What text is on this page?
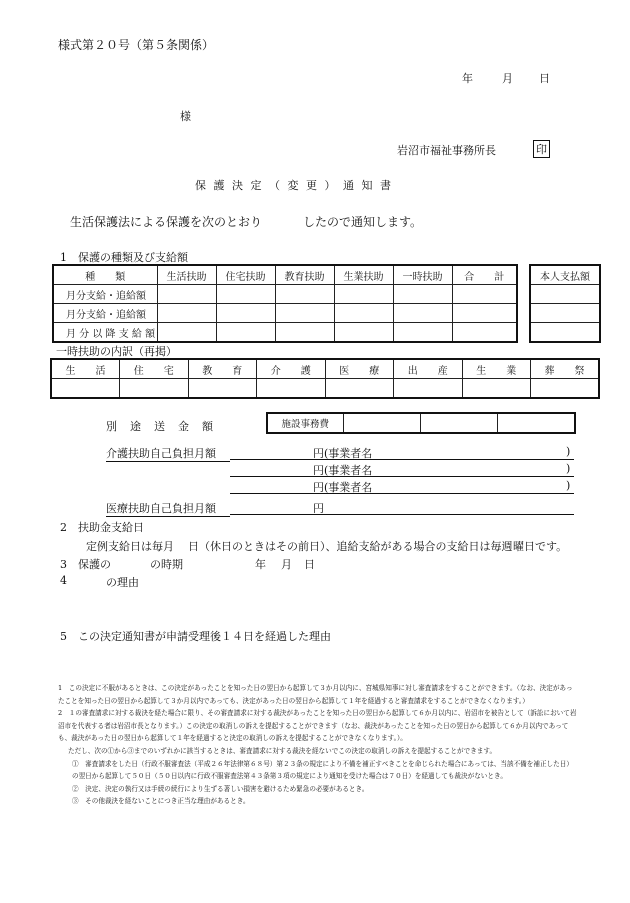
様式第２０号（第５条関係）
年	月 日
様
岩沼市福祉事務所長	印
保 護 決 定 （ 変 更 ） 通 知 書
生活保護法による保護を次のとおり	したので通知します。
1　保護の種類及び支給額
種　　類	生活扶助	住宅扶助	教育扶助	生業扶助	一時扶助	合　　計
月分支給・追給額						
月分支給・追給額						
月 分 以 降 支 給 額						
本人支払額

一時扶助の内訳（再掲）
生　　活	住　　宅	教　　育	介　　護	医　　療	出　　産	生　　業	葬　　祭

別　途　送　金　額	施設事務費			
介護扶助自己負担月額	円(事業者名	)
円(事業者名	)
円(事業者名	)
医療扶助自己負担月額	円
2　扶助金支給日
定例支給日は毎月 日（休日のときはその前日）、追給支給がある場合の支給日は毎週 曜日です。
3　保護の	の時期	年 月 日
4	の理由
5　この決定通知書が申請受理後１４日を経過した理由

1　この決定に不服があるときは、この決定があったことを知った日の翌日から起算して３か月以内に、宮城県知事に対し審査請求をすることができます。（なお、決定があったことを知った日の翌日から起算して３か月以内であっても、決定があった日の翌日から起算して１年を経過すると審査請求をすることができなくなります。）

2　１の審査請求に対する裁決を経た場合に限り、その審査請求に対する裁決があったことを知った日の翌日から起算して６か月以内に、岩沼市を被告として（訴訟において岩沼市を代表する者は岩沼市長となります。）この決定の取消しの訴えを提起することができます（なお、裁決があったことを知った日の翌日から起算して６か月以内であっても、裁決があった日の翌日から起算して１年を経過すると決定の取消しの訴えを提起することができなくなります。）。

ただし、次の①から③までのいずれかに該当するときは、審査請求に対する裁決を経ないでこの決定の取消しの訴えを提起することができます。

①　審査請求をした日（行政不服審査法（平成２６年法律第６８号）第２３条の規定により不備を補正すべきことを命じられた場合にあっては、当該不備を補正した日）の翌日から起算して５０日（５０日以内に行政不服審査法第４３条第３項の規定により通知を受けた場合は７０日）を経過しても裁決がないとき。

②　決定、決定の執行又は手続の続行により生ずる著しい損害を避けるため緊急の必要があるとき。

③　その他裁決を経ないことにつき正当な理由があるとき。
